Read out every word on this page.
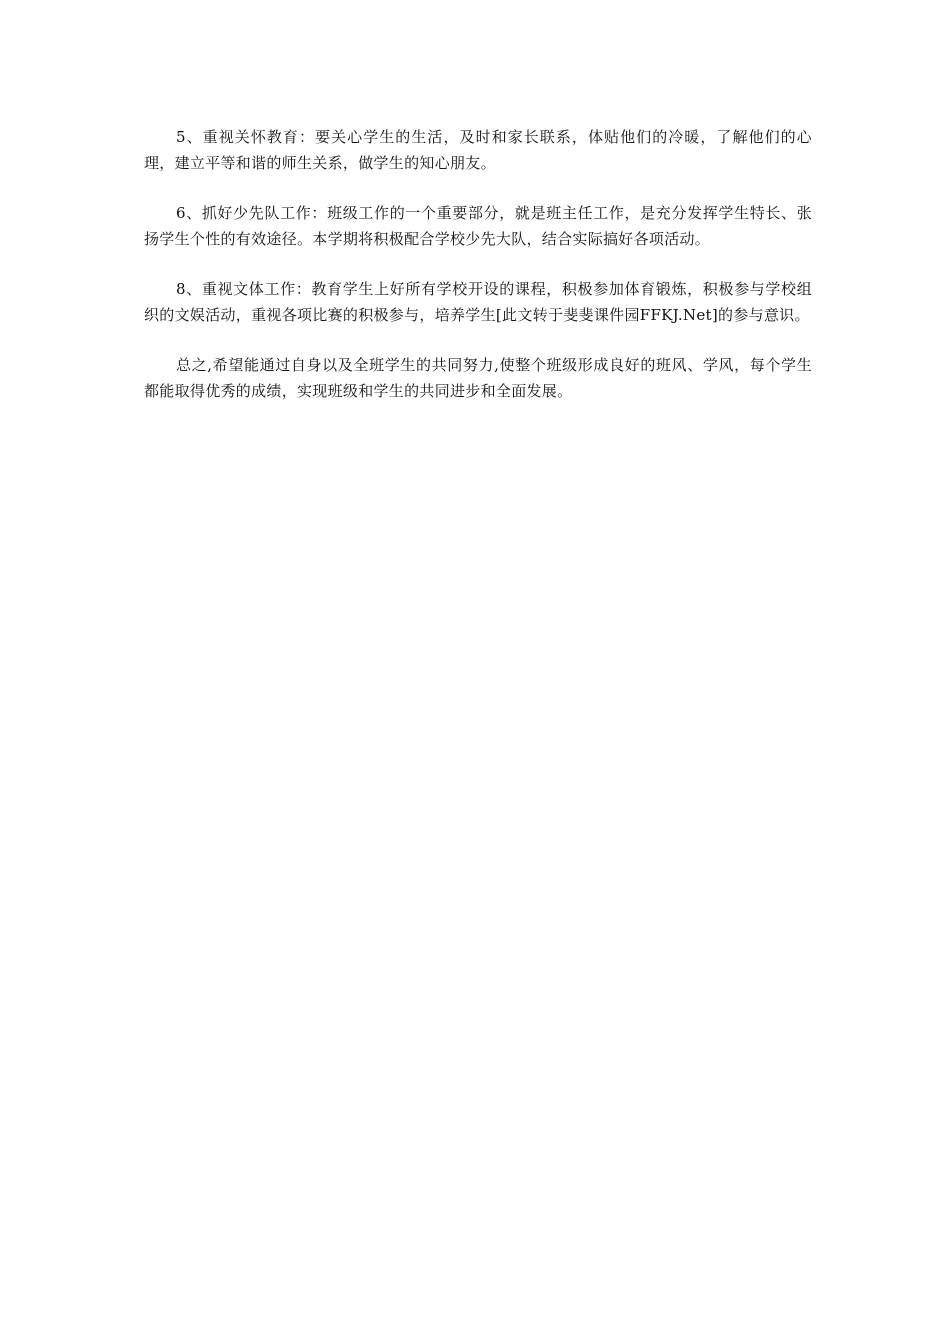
5、重视关怀教育：要关心学生的生活，及时和家长联系，体贴他们的冷暖，了解他们的心理，建立平等和谐的师生关系，做学生的知心朋友。

6、抓好少先队工作：班级工作的一个重要部分，就是班主任工作，是充分发挥学生特长、张扬学生个性的有效途径。本学期将积极配合学校少先大队，结合实际搞好各项活动。

8、重视文体工作：教育学生上好所有学校开设的课程，积极参加体育锻炼，积极参与学校组织的文娱活动，重视各项比赛的积极参与，培养学生[此文转于斐斐课件园FFKJ.Net]的参与意识。

总之,希望能通过自身以及全班学生的共同努力,使整个班级形成良好的班风、学风，每个学生都能取得优秀的成绩，实现班级和学生的共同进步和全面发展。
